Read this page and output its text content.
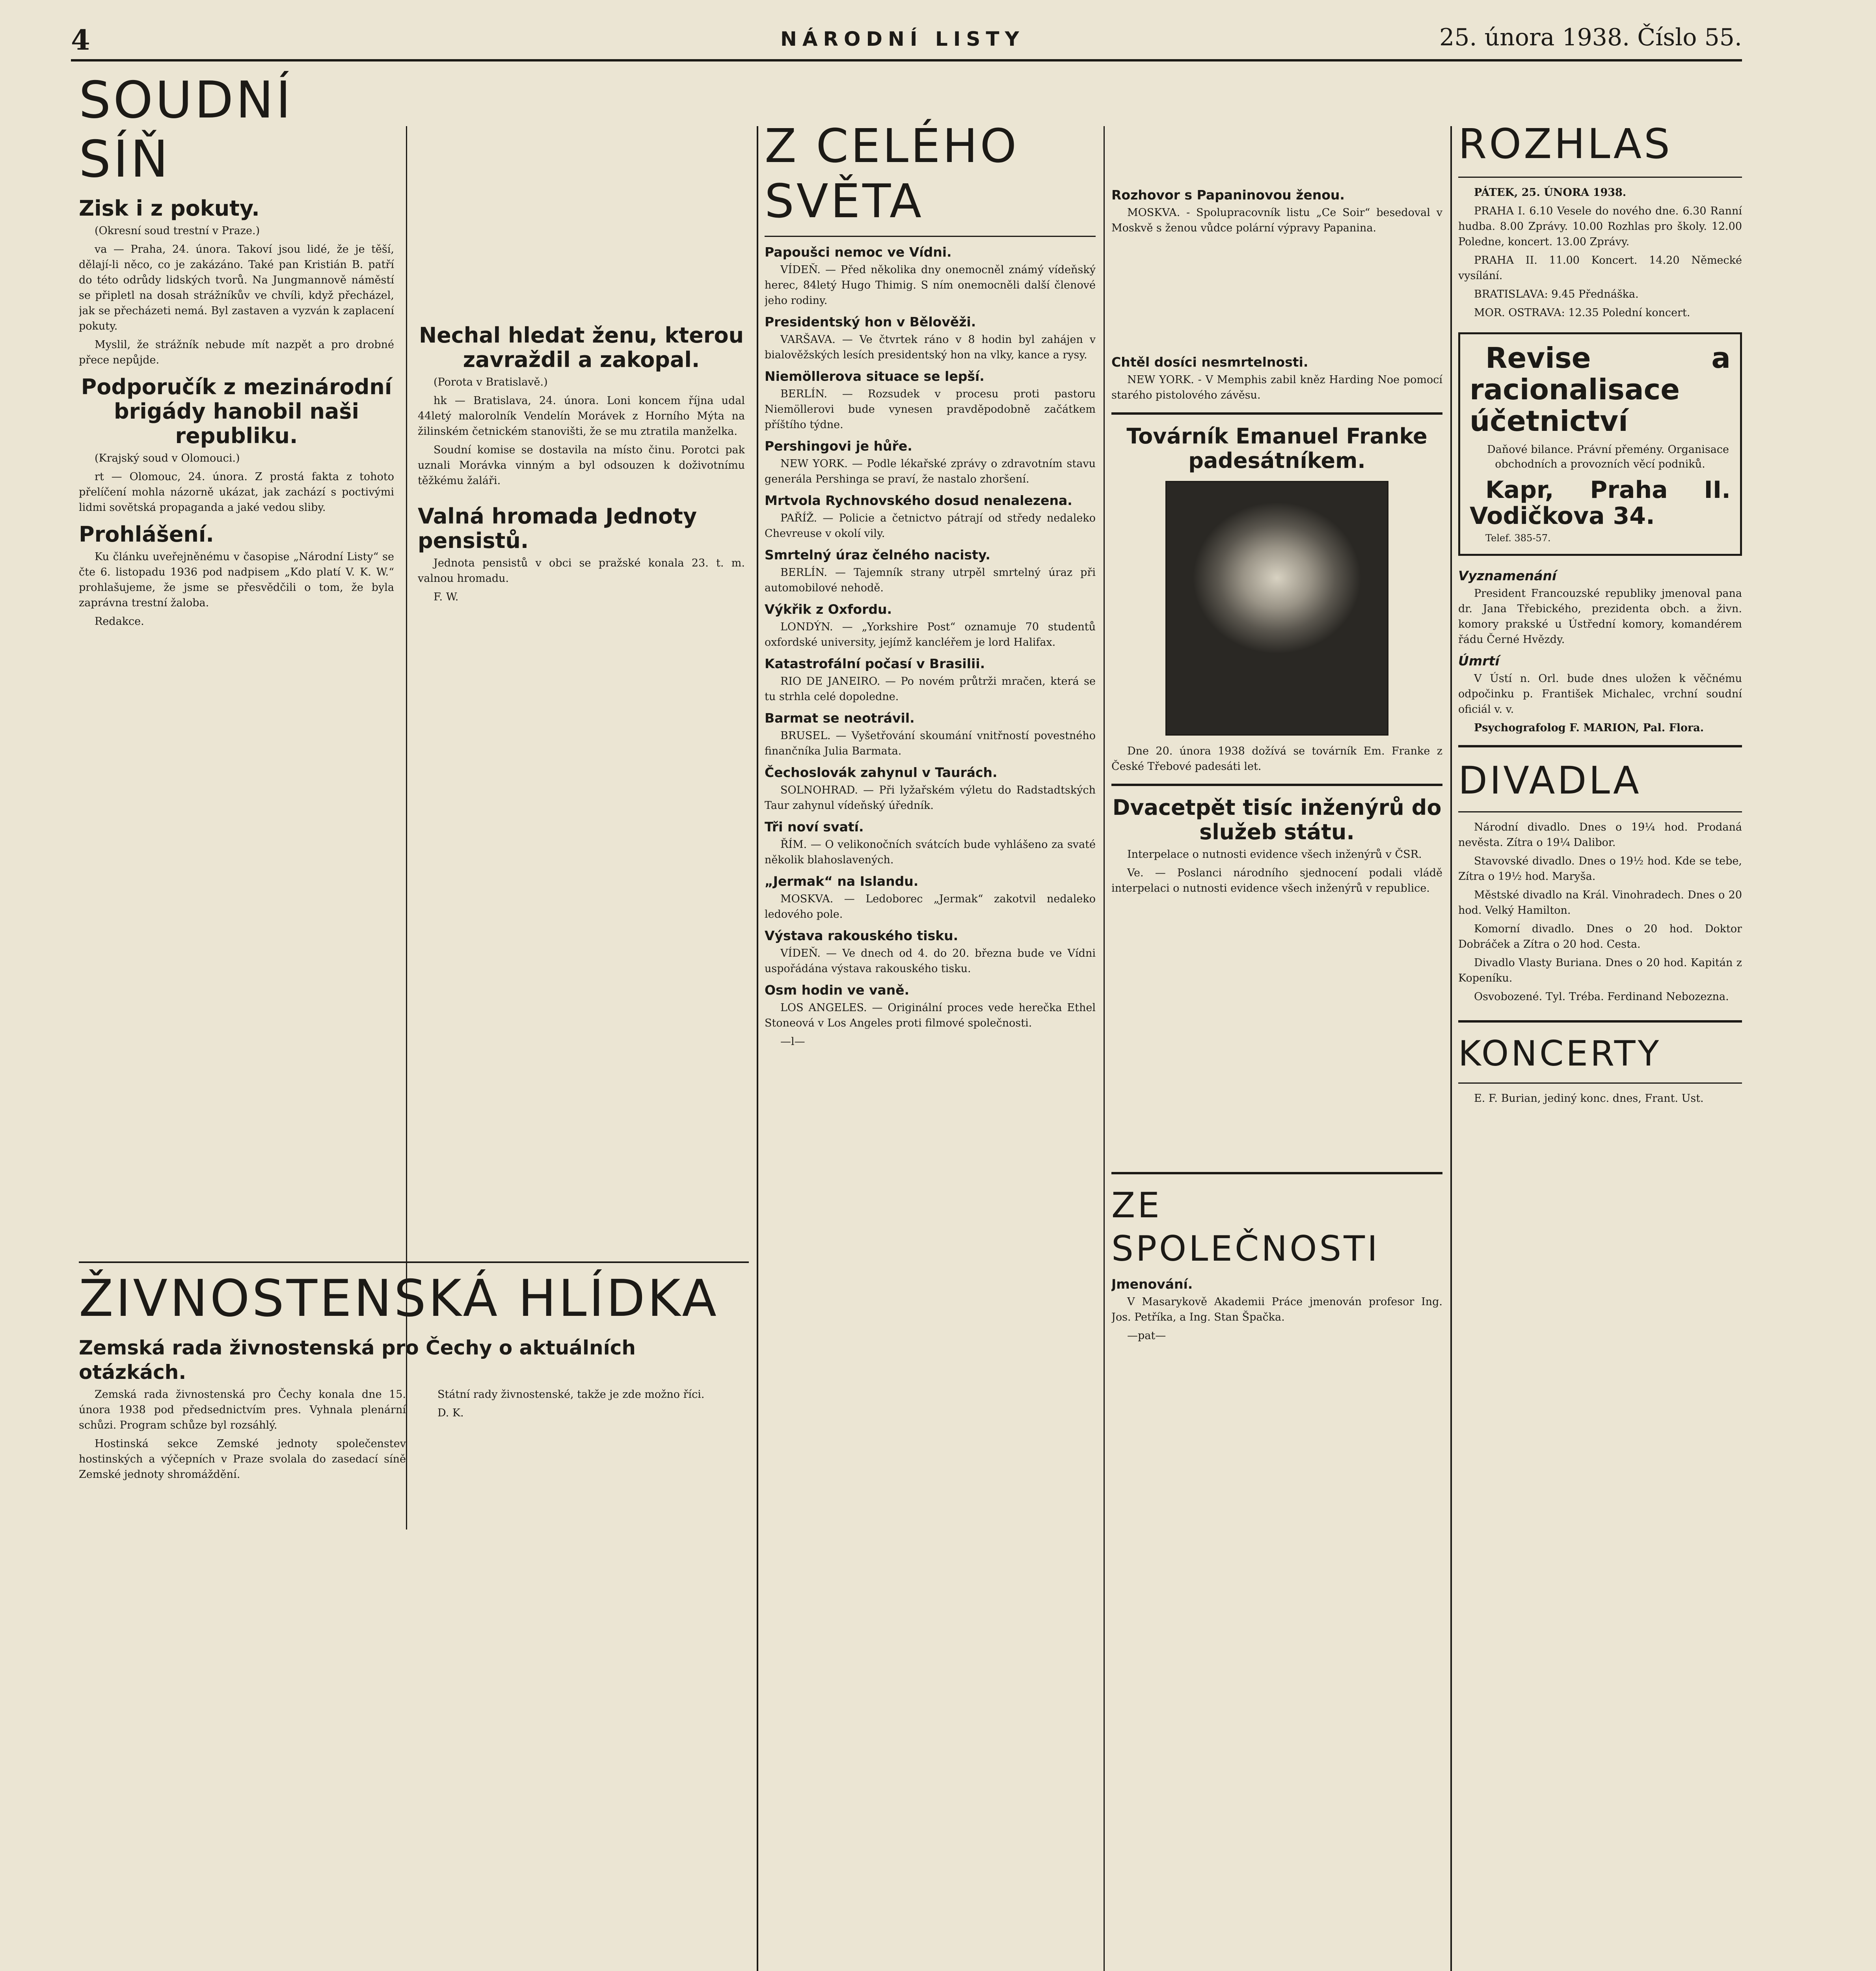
4	NÁRODNÍ LISTY	25. února 1938. Číslo 55.
SOUDNÍ SÍŇ
Zisk i z pokuty.

(Okresní soud trestní v Praze.)

va — Praha, 24. února. Takoví jsou lidé, že je těší, dělají-li něco, co je zakázáno. Také pan Kristián B. patří do této odrůdy lidských tvorů. Na Jungmannově náměstí se připletl na dosah strážníkův ve chvíli, když přecházel, jak se přecházeti nemá. Byl zastaven a vyzván k zaplacení pokuty.

Myslil, že strážník nebude mít nazpět a pro drobné přece nepůjde.

Podporučík z mezinárodní brigády hanobil naši republiku.

(Krajský soud v Olomouci.)

rt — Olomouc, 24. února. Z prostá fakta z tohoto přelíčení mohla názorně ukázat, jak zachází s poctivými lidmi sovětská propaganda a jaké vedou sliby.

Prohlášení.

Ku článku uveřejněnému v časopise „Národní Listy“ se čte 6. listopadu 1936 pod nadpisem „Kdo platí V. K. W.“ prohlašujeme, že jsme se přesvědčili o tom, že byla zaprávna trestní žaloba.

Redakce.

Nechal hledat ženu, kterou zavraždil a zakopal.

(Porota v Bratislavě.)

hk — Bratislava, 24. února. Loni koncem října udal 44letý malorolník Vendelín Morávek z Horního Mýta na žilinském četnickém stanovišti, že se mu ztratila manželka.

Soudní komise se dostavila na místo činu. Porotci pak uznali Morávka vinným a byl odsouzen k doživotnímu těžkému žaláři.

Valná hromada Jednoty pensistů.

Jednota pensistů v obci se pražské konala 23. t. m. valnou hromadu.

F. W.

ŽIVNOSTENSKÁ HLÍDKA
Zemská rada živnostenská pro Čechy o aktuálních otázkách.

Zemská rada živnostenská pro Čechy konala dne 15. února 1938 pod předsednictvím pres. Vyhnala plenární schůzi. Program schůze byl rozsáhlý.

Hostinská sekce Zemské jednoty společenstev hostinských a výčepních v Praze svolala do zasedací síně Zemské jednoty shromáždění.

Státní rady živnostenské, takže je zde možno říci.

D. K.

Z CELÉHO SVĚTA
Papoušci nemoc ve Vídni.

VÍDEŇ. — Před několika dny onemocněl známý vídeňský herec, 84letý Hugo Thimig. S ním onemocněli další členové jeho rodiny.

Presidentský hon v Bělověži.

VARŠAVA. — Ve čtvrtek ráno v 8 hodin byl zahájen v bialověžských lesích presidentský hon na vlky, kance a rysy.

Niemöllerova situace se lepší.

BERLÍN. — Rozsudek v procesu proti pastoru Niemöllerovi bude vynesen pravděpodobně začátkem příštího týdne.

Pershingovi je hůře.

NEW YORK. — Podle lékařské zprávy o zdravotním stavu generála Pershinga se praví, že nastalo zhoršení.

Mrtvola Rychnovského dosud nenalezena.

PAŘÍŽ. — Policie a četnictvo pátrají od středy nedaleko Chevreuse v okolí vily.

Smrtelný úraz čelného nacisty.

BERLÍN. — Tajemník strany utrpěl smrtelný úraz při automobilové nehodě.

Výkřik z Oxfordu.

LONDÝN. — „Yorkshire Post“ oznamuje 70 studentů oxfordské university, jejímž kancléřem je lord Halifax.

Katastrofální počasí v Brasilii.

RIO DE JANEIRO. — Po novém průtrži mračen, která se tu strhla celé dopoledne.

Barmat se neotrávil.

BRUSEL. — Vyšetřování skoumání vnitřností povestného finančníka Julia Barmata.

Čechoslovák zahynul v Taurách.

SOLNOHRAD. — Při lyžařském výletu do Radstadtských Taur zahynul vídeňský úředník.

Tři noví svatí.

ŘÍM. — O velikonočních svátcích bude vyhlášeno za svaté několik blahoslavených.

„Jermak“ na Islandu.

MOSKVA. — Ledoborec „Jermak“ zakotvil nedaleko ledového pole.

Výstava rakouského tisku.

VÍDEŇ. — Ve dnech od 4. do 20. března bude ve Vídni uspořádána výstava rakouského tisku.

Osm hodin ve vaně.

LOS ANGELES. — Originální proces vede herečka Ethel Stoneová v Los Angeles proti filmové společnosti.

—l—

Rozhovor s Papaninovou ženou.

MOSKVA. - Spolupracovník listu „Ce Soir“ besedoval v Moskvě s ženou vůdce polární výpravy Papanina.

Chtěl dosíci nesmrtelnosti.

NEW YORK. - V Memphis zabil kněz Harding Noe pomocí starého pistolového závěsu.

Továrník Emanuel Franke padesátníkem.

Dne 20. února 1938 dožívá se továrník Em. Franke z České Třebové padesáti let.

Dvacetpět tisíc inženýrů do služeb státu.

Interpelace o nutnosti evidence všech inženýrů v ČSR.

Ve. — Poslanci národního sjednocení podali vládě interpelaci o nutnosti evidence všech inženýrů v republice.

ZE SPOLEČNOSTI
Jmenování.

V Masarykově Akademii Práce jmenován profesor Ing. Jos. Petříka, a Ing. Stan Špačka.

—pat—

ROZHLAS

PÁTEK, 25. ÚNORA 1938.

PRAHA I. 6.10 Vesele do nového dne. 6.30 Ranní hudba. 8.00 Zprávy. 10.00 Rozhlas pro školy. 12.00 Poledne, koncert. 13.00 Zprávy.

PRAHA II. 11.00 Koncert. 14.20 Německé vysílání.

BRATISLAVA: 9.45 Přednáška.

MOR. OSTRAVA: 12.35 Polední koncert.

Revise a racionalisace účetnictví

Daňové bilance. Právní přemény. Organisace obchodních a provozních věcí podniků.

Kapr, Praha II. Vodičkova 34.

Telef. 385-57.

Vyznamenání

President Francouzské republiky jmenoval pana dr. Jana Třebického, prezidenta obch. a živn. komory prakské u Ústřední komory, komandérem řádu Černé Hvězdy.

Úmrtí

V Ústí n. Orl. bude dnes uložen k věčnému odpočinku p. František Michalec, vrchní soudní oficiál v. v.

Psychografolog F. MARION, Pal. Flora.

DIVADLA

Národní divadlo. Dnes o 19¼ hod. Prodaná nevěsta. Zítra o 19¼ Dalibor.

Stavovské divadlo. Dnes o 19½ hod. Kde se tebe, Zítra o 19½ hod. Maryša.

Městské divadlo na Král. Vinohradech. Dnes o 20 hod. Velký Hamilton.

Komorní divadlo. Dnes o 20 hod. Doktor Dobráček a Zítra o 20 hod. Cesta.

Divadlo Vlasty Buriana. Dnes o 20 hod. Kapitán z Kopeníku.

Osvobozené. Tyl. Tréba. Ferdinand Nebozezna.

KONCERTY

E. F. Burian, jediný konc. dnes, Frant. Ust.
